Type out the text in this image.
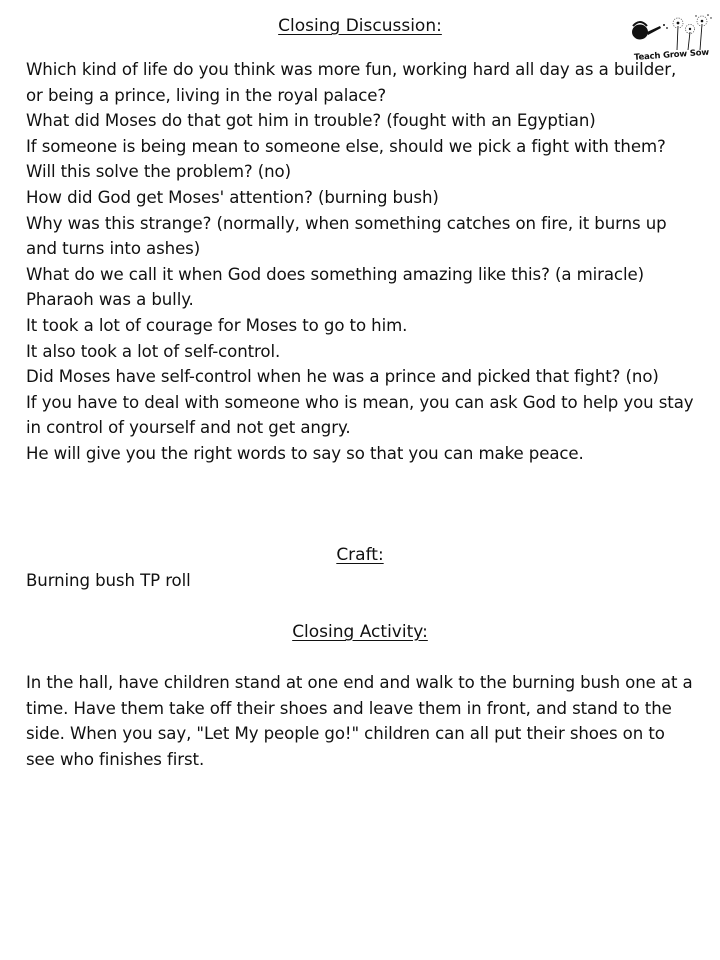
Teach Grow Sow
Closing Discussion:

Which kind of life do you think was more fun, working hard all day as a builder, or being a prince, living in the royal palace?

What did Moses do that got him in trouble? (fought with an Egyptian)

If someone is being mean to someone else, should we pick a fight with them?

Will this solve the problem? (no)

How did God get Moses' attention? (burning bush)

Why was this strange? (normally, when something catches on fire, it burns up and turns into ashes)

What do we call it when God does something amazing like this? (a miracle)

Pharaoh was a bully.

It took a lot of courage for Moses to go to him.

It also took a lot of self-control.

Did Moses have self-control when he was a prince and picked that fight? (no)

If you have to deal with someone who is mean, you can ask God to help you stay in control of yourself and not get angry.

He will give you the right words to say so that you can make peace.

Craft:
Burning bush TP roll
Closing Activity:
In the hall, have children stand at one end and walk to the burning bush one at a time. Have them take off their shoes and leave them in front, and stand to the side. When you say, "Let My people go!" children can all put their shoes on to see who finishes first.
